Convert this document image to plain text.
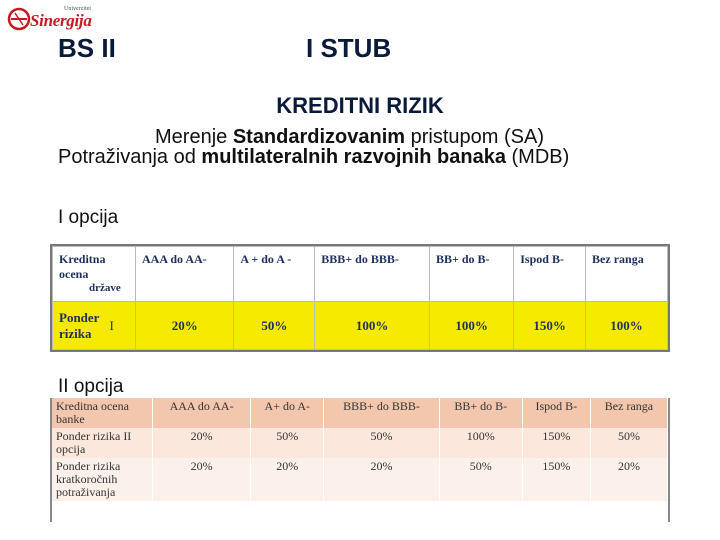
Univerzitet
Sinergija
BS II	I STUB
KREDITNI RIZIK
Merenje Standardizovanim pristupom (SA)
Potraživanja od multilateralnih razvojnih banaka (MDB)
I opcija
Kreditna
ocena
države	AAA do AA-	A + do A -	BBB+ do BBB-	BB+ do B-	Ispod B-	Bez ranga

Ponder
rizika
I	20%	50%	100%	100%	150%	100%
II opcija
Kreditna ocena banke	AAA do AA-	A+ do A-	BBB+ do BBB-	BB+ do B-	Ispod B-	Bez ranga
Ponder rizika II opcija	20%	50%	50%	100%	150%	50%
Ponder rizika kratkoročnih potraživanja	20%	20%	20%	50%	150%	20%
